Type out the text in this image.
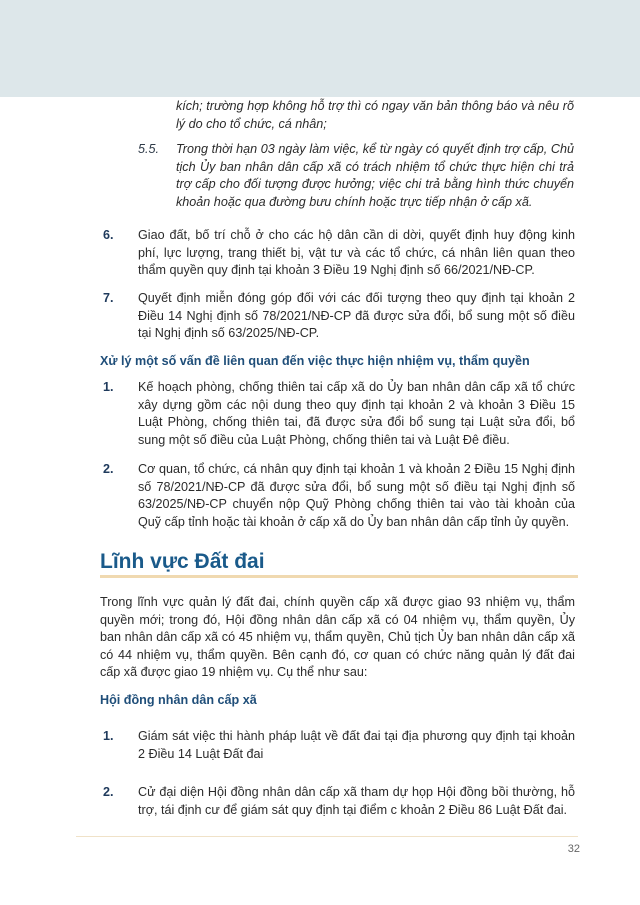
kích; trường hợp không hỗ trợ thì có ngay văn bản thông báo và nêu rõ lý do cho tổ chức, cá nhân;
5.5. Trong thời hạn 03 ngày làm việc, kể từ ngày có quyết định trợ cấp, Chủ tịch Ủy ban nhân dân cấp xã có trách nhiệm tổ chức thực hiện chi trả trợ cấp cho đối tượng được hưởng; việc chi trả bằng hình thức chuyển khoản hoặc qua đường bưu chính hoặc trực tiếp nhận ở cấp xã.
6. Giao đất, bố trí chỗ ở cho các hộ dân cần di dời, quyết định huy động kinh phí, lực lượng, trang thiết bị, vật tư và các tổ chức, cá nhân liên quan theo thẩm quyền quy định tại khoản 3 Điều 19 Nghị định số 66/2021/NĐ-CP.
7. Quyết định miễn đóng góp đối với các đối tượng theo quy định tại khoản 2 Điều 14 Nghị định số 78/2021/NĐ-CP đã được sửa đổi, bổ sung một số điều tại Nghị định số 63/2025/NĐ-CP.
Xử lý một số vấn đề liên quan đến việc thực hiện nhiệm vụ, thẩm quyền
1. Kế hoạch phòng, chống thiên tai cấp xã do Ủy ban nhân dân cấp xã tổ chức xây dựng gồm các nội dung theo quy định tại khoản 2 và khoản 3 Điều 15 Luật Phòng, chống thiên tai, đã được sửa đổi bổ sung tại Luật sửa đổi, bổ sung một số điều của Luật Phòng, chống thiên tai và Luật Đê điều.
2. Cơ quan, tổ chức, cá nhân quy định tại khoản 1 và khoản 2 Điều 15 Nghị định số 78/2021/NĐ-CP đã được sửa đổi, bổ sung một số điều tại Nghị định số 63/2025/NĐ-CP chuyển nộp Quỹ Phòng chống thiên tai vào tài khoản của Quỹ cấp tỉnh hoặc tài khoản ở cấp xã do Ủy ban nhân dân cấp tỉnh ủy quyền.
Lĩnh vực Đất đai
Trong lĩnh vực quản lý đất đai, chính quyền cấp xã được giao 93 nhiệm vụ, thẩm quyền mới; trong đó, Hội đồng nhân dân cấp xã có 04 nhiệm vụ, thẩm quyền, Ủy ban nhân dân cấp xã có 45 nhiệm vụ, thẩm quyền, Chủ tịch Ủy ban nhân dân cấp xã có 44 nhiệm vụ, thẩm quyền. Bên cạnh đó, cơ quan có chức năng quản lý đất đai cấp xã được giao 19 nhiệm vụ. Cụ thể như sau:
Hội đồng nhân dân cấp xã
1. Giám sát việc thi hành pháp luật về đất đai tại địa phương quy định tại khoản 2 Điều 14 Luật Đất đai
2. Cử đại diện Hội đồng nhân dân cấp xã tham dự họp Hội đồng bồi thường, hỗ trợ, tái định cư để giám sát quy định tại điểm c khoản 2 Điều 86 Luật Đất đai.
32
